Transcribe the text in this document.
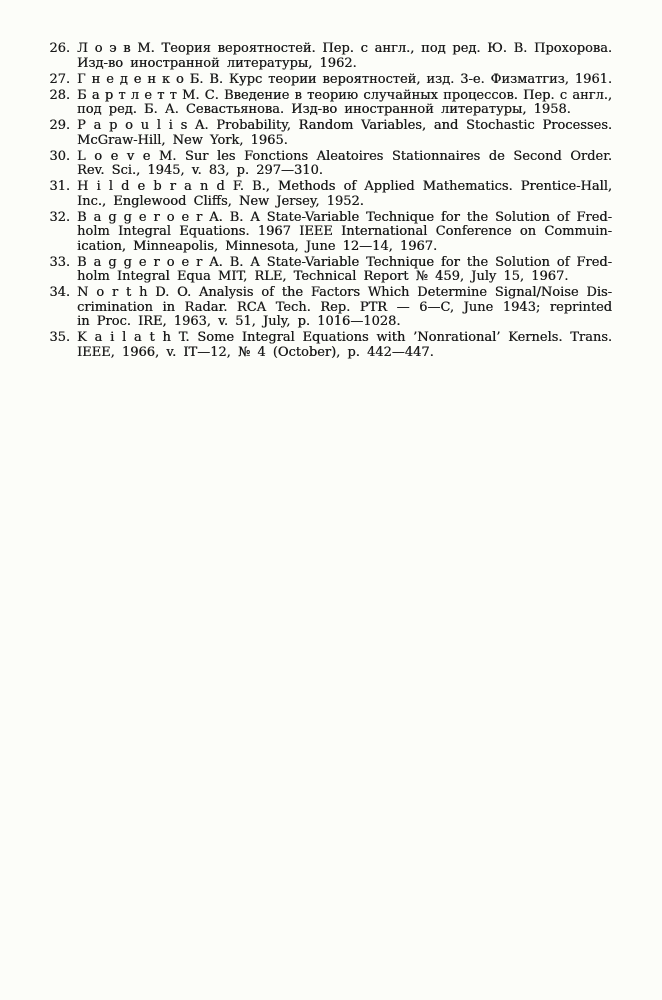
26. Л о э в М. Теория вероятностей. Пер. с англ., под ред. Ю. В. Прохорова.
Изд-во иностранной литературы, 1962.
27. Г н е д е н к о Б. В. Курс теории вероятностей, изд. 3-е. Физматгиз, 1961.
28. Б а р т л е т т М. С. Введение в теорию случайных процессов. Пер. с англ.,
под ред. Б. А. Севастьянова. Изд-во иностранной литературы, 1958.
29. P a p o u l i s A. Probability, Random Variables, and Stochastic Processes.
McGraw-Hill, New York, 1965.
30. L o e v e M. Sur les Fonctions Aleatoires Stationnaires de Second Order.
Rev. Sci., 1945, v. 83, p. 297—310.
31. H i l d e b r a n d F. B., Methods of Applied Mathematics. Prentice-Hall,
Inc., Englewood Cliffs, New Jersey, 1952.
32. B a g g e r o e r A. B. A State-Variable Technique for the Solution of Fred-
holm Integral Equations. 1967 IEEE International Conference on Commuin-
ication, Minneapolis, Minnesota, June 12—14, 1967.
33. B a g g e r o e r A. B. A State-Variable Technique for the Solution of Fred-
holm Integral Equa MIT, RLE, Technical Report № 459, July 15, 1967.
34. N o r t h D. O. Analysis of the Factors Which Determine Signal/Noise Dis-
crimination in Radar. RCA Tech. Rep. PTR — 6—C, June 1943; reprinted
in Proc. IRE, 1963, v. 51, July, p. 1016—1028.
35. K a i l a t h T. Some Integral Equations with ’Nonrational’ Kernels. Trans.
IEEE, 1966, v. IT—12, № 4 (October), p. 442—447.
